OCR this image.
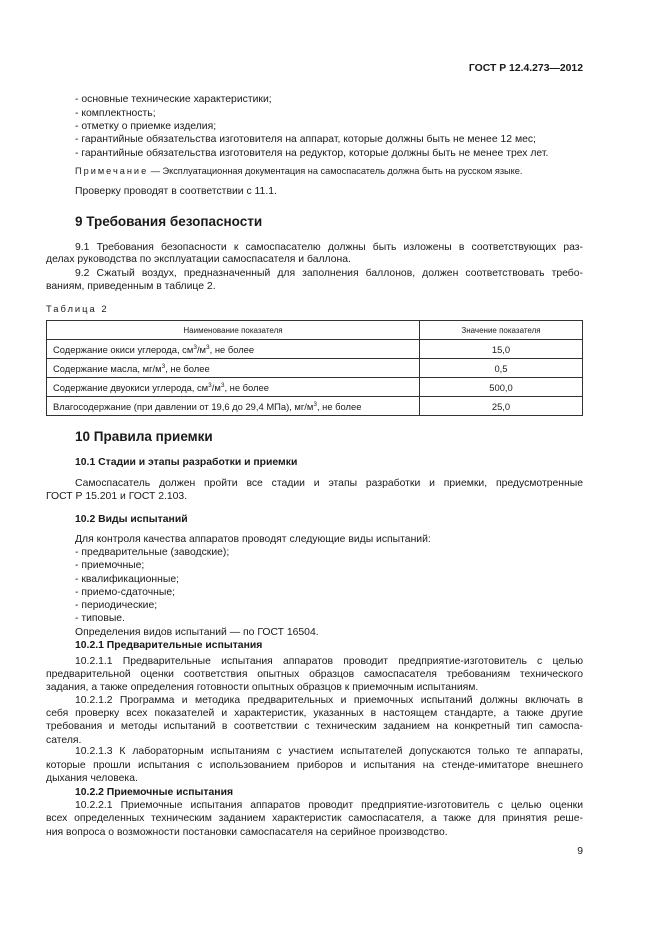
ГОСТ Р 12.4.273—2012
- основные технические характеристики;
- комплектность;
- отметку о приемке изделия;
- гарантийные обязательства изготовителя на аппарат, которые должны быть не менее 12 мес;
- гарантийные обязательства изготовителя на редуктор, которые должны быть не менее трех лет.
Примечание — Эксплуатационная документация на самоспасатель должна быть на русском языке.
Проверку проводят в соответствии с 11.1.
9 Требования безопасности
9.1 Требования безопасности к самоспасателю должны быть изложены в соответствующих раз-
делах руководства по эксплуатации самоспасателя и баллона.
9.2 Сжатый воздух, предназначенный для заполнения баллонов, должен соответствовать требо-
ваниям, приведенным в таблице 2.
Таблица 2
Наименование показателя	Значение показателя
Содержание окиси углерода, $см^3/м^3$, не более	15,0
Содержание масла, $мг/м^3$, не более	0,5
Содержание двуокиси углерода, $см^3/м^3$, не более	500,0
Влагосодержание (при давлении от 19,6 до 29,4 МПа), $мг/м^3$, не более	25,0
10 Правила приемки
10.1 Стадии и этапы разработки и приемки
Самоспасатель должен пройти все стадии и этапы разработки и приемки, предусмотренные
ГОСТ Р 15.201 и ГОСТ 2.103.
10.2 Виды испытаний
Для контроля качества аппаратов проводят следующие виды испытаний:
- предварительные (заводские);
- приемочные;
- квалификационные;
- приемо-сдаточные;
- периодические;
- типовые.
Определения видов испытаний — по ГОСТ 16504.
10.2.1 Предварительные испытания
10.2.1.1 Предварительные испытания аппаратов проводит предприятие-изготовитель с целью
предварительной оценки соответствия опытных образцов самоспасателя требованиям технического
задания, а также определения готовности опытных образцов к приемочным испытаниям.
10.2.1.2 Программа и методика предварительных и приемочных испытаний должны включать в
себя проверку всех показателей и характеристик, указанных в настоящем стандарте, а также другие
требования и методы испытаний в соответствии с техническим заданием на конкретный тип самоспа-
сателя.
10.2.1.3 К лабораторным испытаниям с участием испытателей допускаются только те аппараты,
которые прошли испытания с использованием приборов и испытания на стенде-имитаторе внешнего
дыхания человека.
10.2.2 Приемочные испытания
10.2.2.1 Приемочные испытания аппаратов проводит предприятие-изготовитель с целью оценки
всех определенных техническим заданием характеристик самоспасателя, а также для принятия реше-
ния вопроса о возможности постановки самоспасателя на серийное производство.
9
